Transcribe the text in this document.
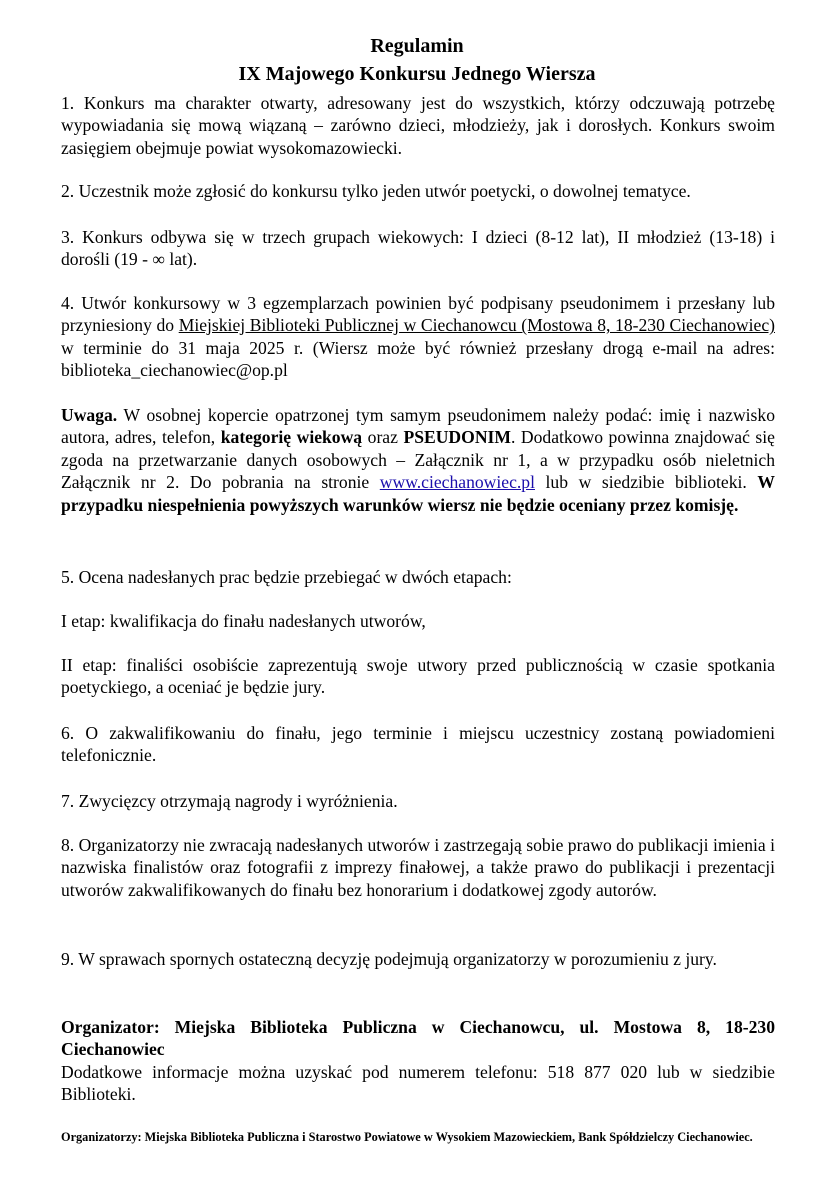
Regulamin
IX Majowego Konkursu Jednego Wiersza

1. Konkurs ma charakter otwarty, adresowany jest do wszystkich, którzy odczuwają potrzebę wypowiadania się mową wiązaną – zarówno dzieci, młodzieży, jak i dorosłych. Konkurs swoim zasięgiem obejmuje powiat wysokomazowiecki.

2. Uczestnik może zgłosić do konkursu tylko jeden utwór poetycki, o dowolnej tematyce.

3. Konkurs odbywa się w trzech grupach wiekowych: I dzieci (8-12 lat), II młodzież (13-18) i dorośli (19 - ∞ lat).

4. Utwór konkursowy w 3 egzemplarzach powinien być podpisany pseudonimem i przesłany lub przyniesiony do Miejskiej Biblioteki Publicznej w Ciechanowcu (Mostowa 8, 18-230 Ciechanowiec) w terminie do 31 maja 2025 r. (Wiersz może być również przesłany drogą e-mail na adres: biblioteka_ciechanowiec@op.pl

Uwaga. W osobnej kopercie opatrzonej tym samym pseudonimem należy podać: imię i nazwisko autora, adres, telefon, kategorię wiekową oraz PSEUDONIM. Dodatkowo powinna znajdować się zgoda na przetwarzanie danych osobowych – Załącznik nr 1, a w przypadku osób nieletnich Załącznik nr 2. Do pobrania na stronie www.ciechanowiec.pl lub w siedzibie biblioteki. W przypadku niespełnienia powyższych warunków wiersz nie będzie oceniany przez komisję.

5. Ocena nadesłanych prac będzie przebiegać w dwóch etapach:

I etap: kwalifikacja do finału nadesłanych utworów,

II etap: finaliści osobiście zaprezentują swoje utwory przed publicznością w czasie spotkania poetyckiego, a oceniać je będzie jury.

6. O zakwalifikowaniu do finału, jego terminie i miejscu uczestnicy zostaną powiadomieni telefonicznie.

7. Zwycięzcy otrzymają nagrody i wyróżnienia.

8. Organizatorzy nie zwracają nadesłanych utworów i zastrzegają sobie prawo do publikacji imienia i nazwiska finalistów oraz fotografii z imprezy finałowej, a także prawo do publikacji i prezentacji utworów zakwalifikowanych do finału bez honorarium i dodatkowej zgody autorów.

9. W sprawach spornych ostateczną decyzję podejmują organizatorzy w porozumieniu z jury.

Organizator: Miejska Biblioteka Publiczna w Ciechanowcu, ul. Mostowa 8, 18-230 Ciechanowiec
Dodatkowe informacje można uzyskać pod numerem telefonu: 518 877 020 lub w siedzibie Biblioteki.

Organizatorzy: Miejska Biblioteka Publiczna i Starostwo Powiatowe w Wysokiem Mazowieckiem, Bank Spółdzielczy Ciechanowiec.
